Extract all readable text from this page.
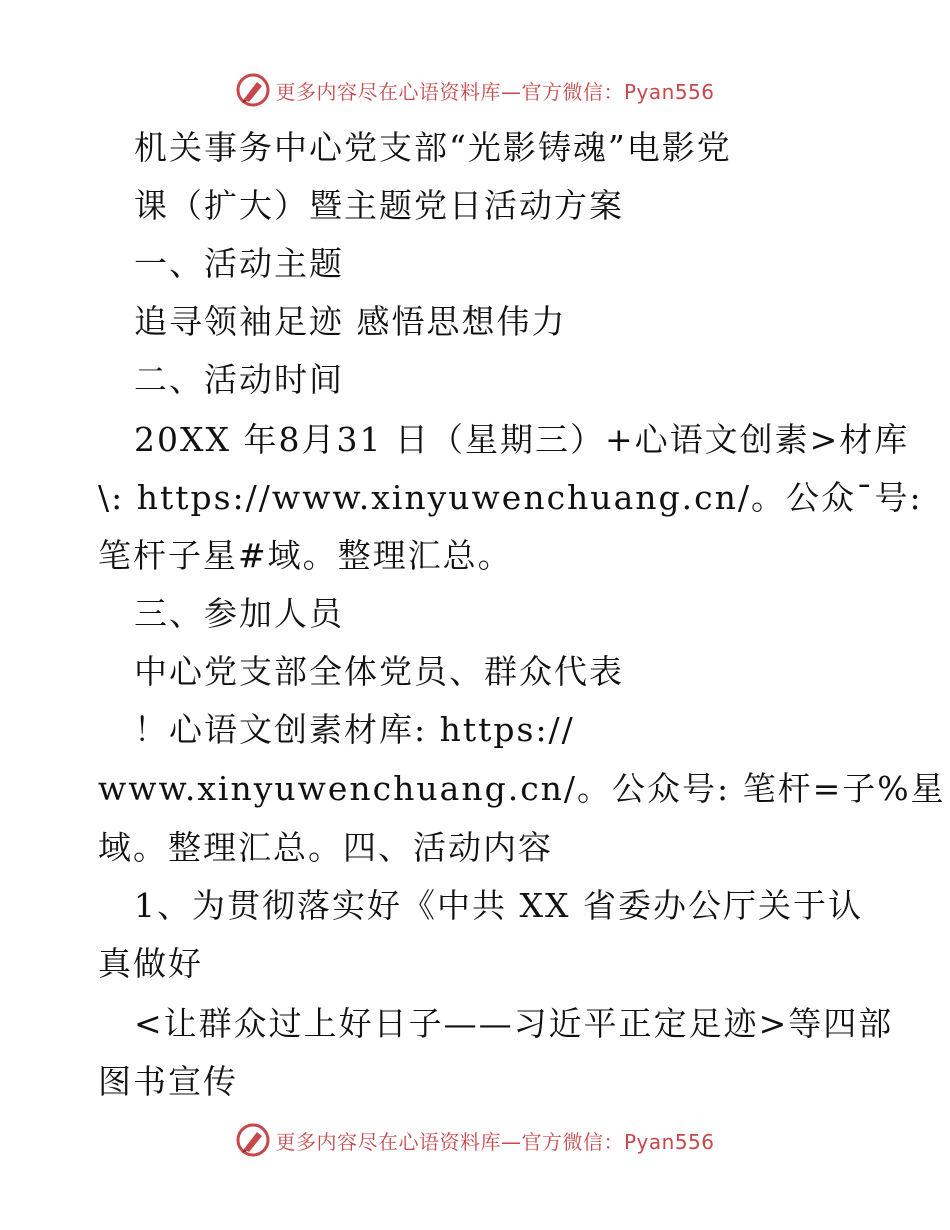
更多内容尽在心语资料库—官方微信：Pyan556
机关事务中心党支部“光影铸魂”电影党
课（扩大）暨主题党日活动方案
一、活动主题
追寻领袖足迹 感悟思想伟力
二、活动时间
20XX 年8月31 日（星期三）+心语文创素>材库
\: https://www.xinyuwenchuang.cn/。公众¯号:
笔杆子星#域。整理汇总。
三、参加人员
中心党支部全体党员、群众代表
！心语文创素材库: https://
www.xinyuwenchuang.cn/。公众号: 笔杆=子%星
域。整理汇总。四、活动内容
1、为贯彻落实好《中共 XX 省委办公厅关于认
真做好
<让群众过上好日子——习近平正定足迹>等四部
图书宣传
更多内容尽在心语资料库—官方微信：Pyan556
